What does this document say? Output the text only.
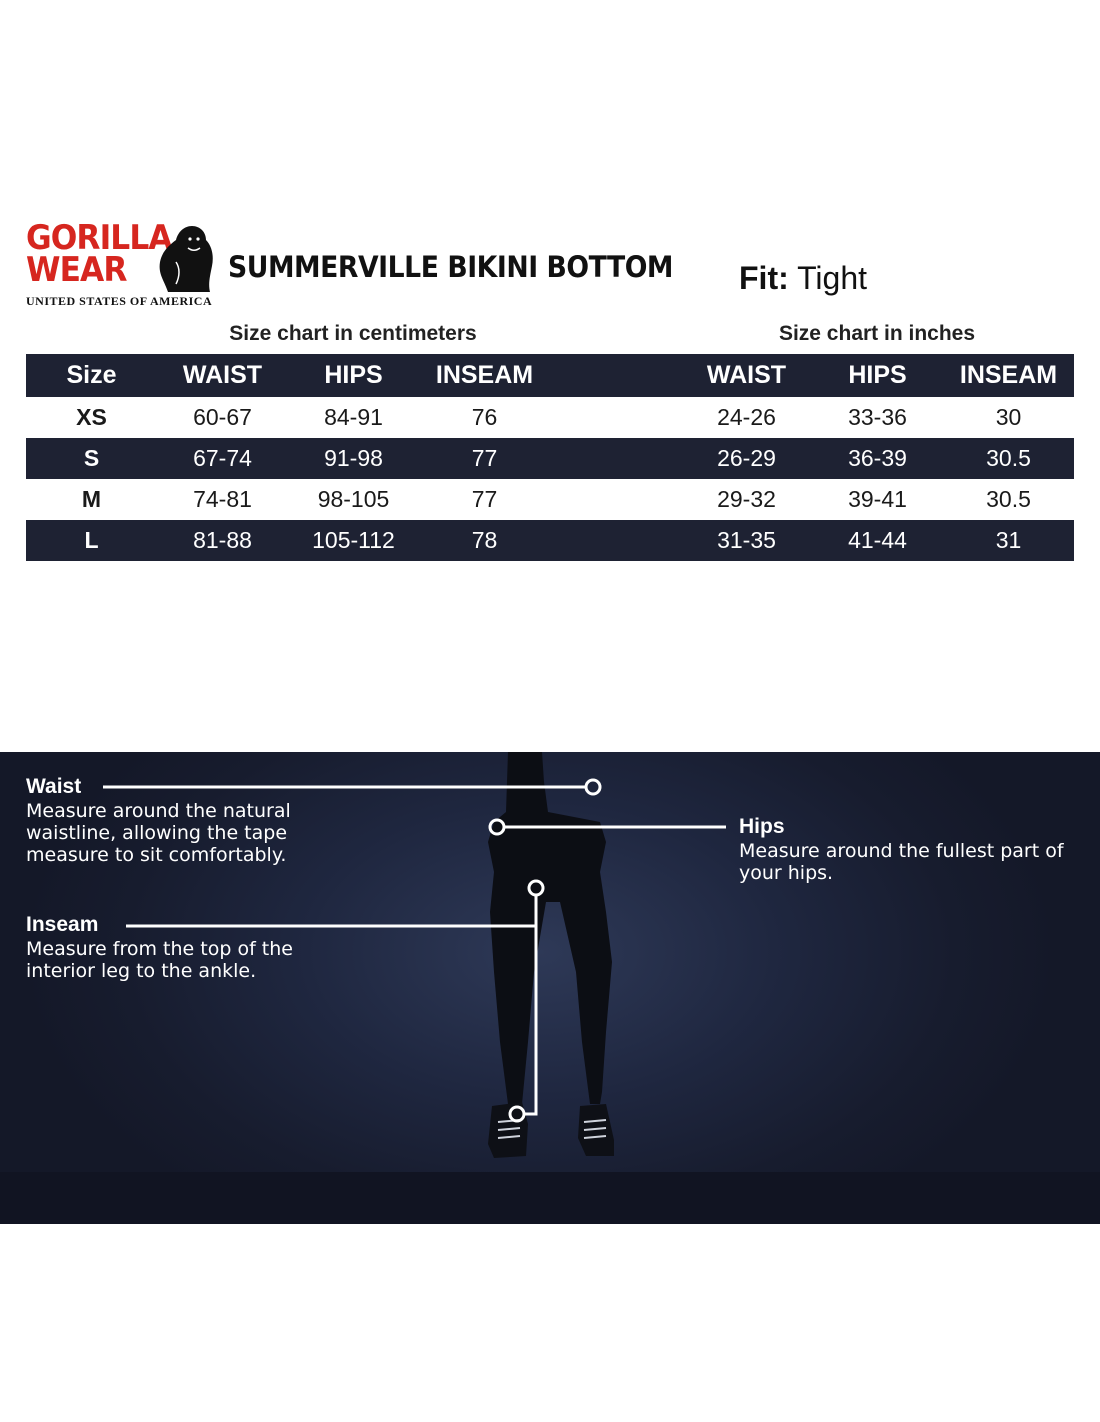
GORILLA
WEAR
UNITED STATES OF AMERICA
SUMMERVILLE BIKINI BOTTOM Fit: Tight
Size chart in centimeters	Size chart in inches
Size	WAIST	HIPS	INSEAM		WAIST	HIPS	INSEAM
XS	60-67	84-91	76		24-26	33-36	30
S	67-74	91-98	77		26-29	36-39	30.5
M	74-81	98-105	77		29-32	39-41	30.5
L	81-88	105-112	78		31-35	41-44	31
Waist
Measure around the natural waistline, allowing the tape measure to sit comfortably.
Hips
Measure around the fullest part of your hips.
Inseam
Measure from the top of the interior leg to the ankle.
